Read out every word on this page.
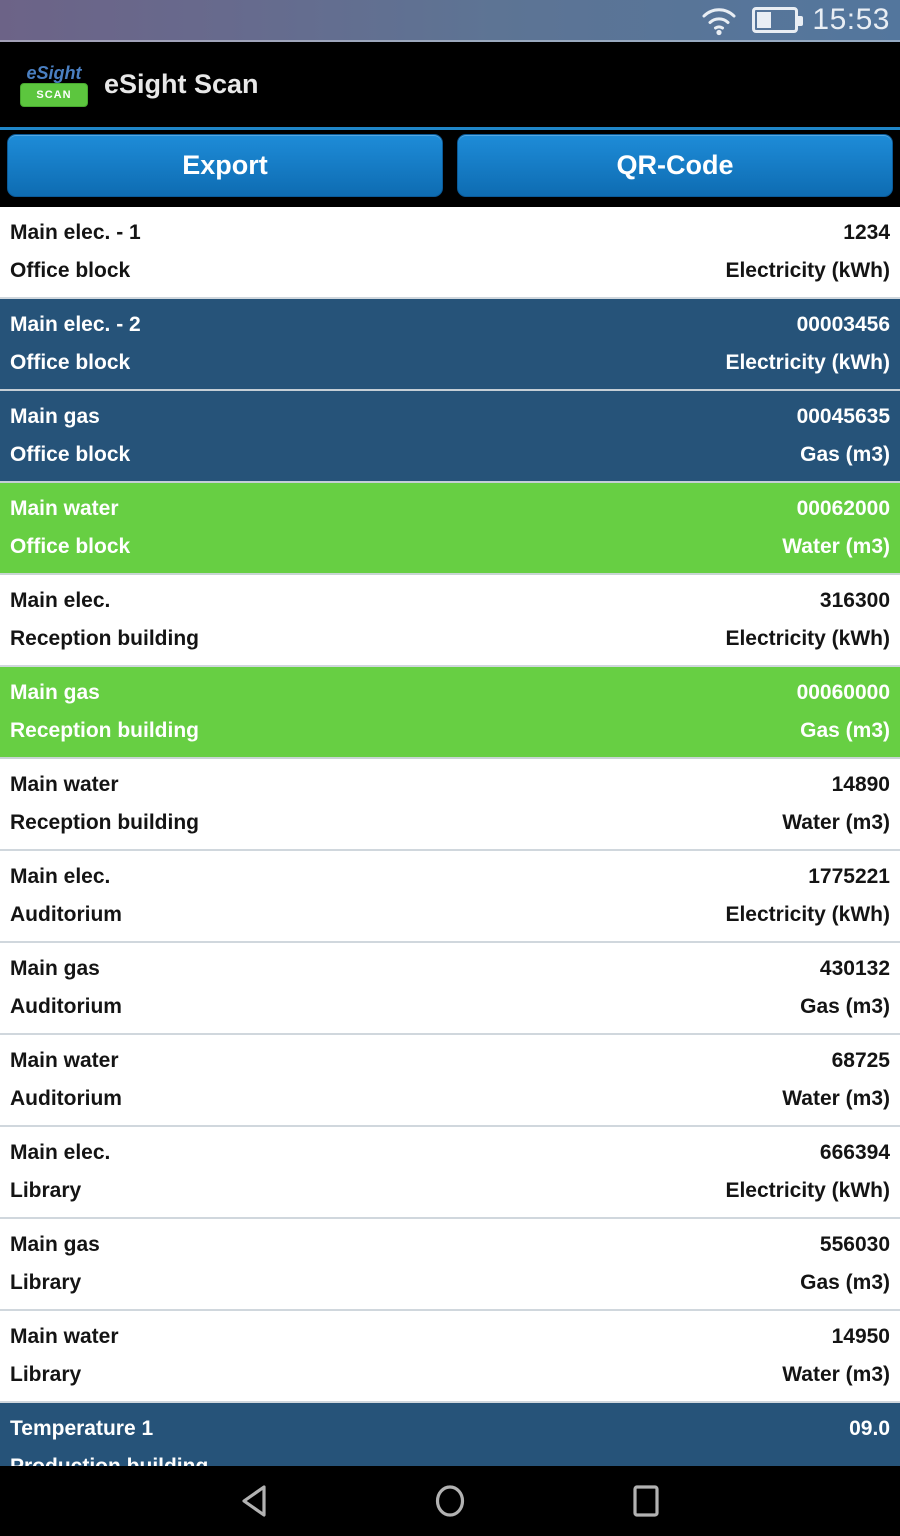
15:53
eSight
SCAN	eSight Scan
Export	QR-Code
Main elec. - 1	1234
Office block	Electricity (kWh)
Main elec. - 2	00003456
Office block	Electricity (kWh)
Main gas	00045635
Office block	Gas (m3)
Main water	00062000
Office block	Water (m3)
Main elec.	316300
Reception building	Electricity (kWh)
Main gas	00060000
Reception building	Gas (m3)
Main water	14890
Reception building	Water (m3)
Main elec.	1775221
Auditorium	Electricity (kWh)
Main gas	430132
Auditorium	Gas (m3)
Main water	68725
Auditorium	Water (m3)
Main elec.	666394
Library	Electricity (kWh)
Main gas	556030
Library	Gas (m3)
Main water	14950
Library	Water (m3)
Temperature 1	09.0
